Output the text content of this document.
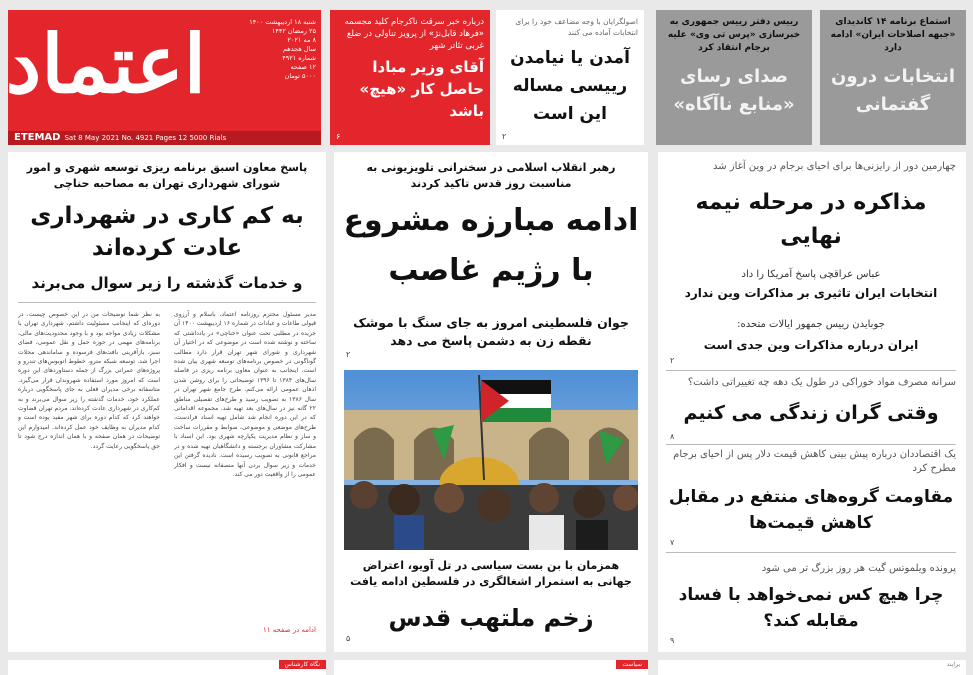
اعتماد	شنبه ۱۸ اردیبهشت ۱۴۰۰
۲۵ رمضان ۱۴۴۲
۸ مه ۲۰۲۱
سال هجدهم
شماره ۴۹۲۱
۱۲ صفحه
۵۰۰۰ تومان
ETEMAD Sat 8 May 2021 No. 4921 Pages 12 5000 Rials
درباره خبر سرقت ناکرجام کلید مجسمه «فرهاد قابل‌نژ» از پرویز تناولی در ضلع غربی تئاتر شهر
آقای وزیر مبادا حاصل کار «هیچ» باشد
۶
اصولگرایان با وجه مضاعف خود را برای انتخابات آماده می کنند
آمدن یا نیامدن رییسی مساله این است
۲
رییس دفتر رییس جمهوری به خبرسازی «پرس تی وی» علیه برجام انتقاد کرد
صدای رسای «منابع ناآگاه»
استماع برنامه ۱۴ کاندیدای «جبهه اصلاحات ایران» ادامه دارد
انتخابات درون گفتمانی
پاسخ معاون اسبق برنامه ریزی توسعه شهری و امور شورای شهرداری تهران به مصاحبه حناچی
به کم کاری در شهرداری عادت کرده‌اند
و خدمات گذشته را زیر سوال می‌برند
مدیر مسئول محترم روزنامه اعتماد، باسلام و آرزوی قبولی طاعات و عبادات در شماره ۱۶ اردیبهشت ۱۴۰۰ آن جریده در مطلبی تحت عنوان «حناچی» در یادداشتی که ساخته و نوشته شده است در موضوعی که در اختیار آن شهرداری و شورای شهر تهران قرار دارد مطالب گوناگونی در خصوص برنامه‌های توسعه شهری بیان شده است. اینجانب به عنوان معاون برنامه ریزی در فاصله سال‌های ۱۳۸۴ تا ۱۳۹۶ توضیحاتی را برای روشن شدن اذهان عمومی ارائه می‌کنم. طرح جامع شهر تهران در سال ۱۳۸۶ به تصویب رسید و طرح‌های تفصیلی مناطق ۲۲ گانه نیز در سال‌های بعد تهیه شد. مجموعه اقداماتی که در این دوره انجام شد شامل تهیه اسناد فرادست، طرح‌های موضعی و موضوعی، ضوابط و مقررات ساخت و ساز و نظام مدیریت یکپارچه شهری بود. این اسناد با مشارکت مشاوران برجسته و دانشگاهیان تهیه شده و در مراجع قانونی به تصویب رسیده است. نادیده گرفتن این خدمات و زیر سوال بردن آنها منصفانه نیست و افکار عمومی را از واقعیت دور می کند.
به نظر شما توضیحات من در این خصوص چیست. در دوره‌ای که اینجانب مسئولیت داشتم، شهرداری تهران با مشکلات زیادی مواجه بود و با وجود محدودیت‌های مالی، برنامه‌های مهمی در حوزه حمل و نقل عمومی، فضای سبز، بازآفرینی بافت‌های فرسوده و ساماندهی محلات اجرا شد. توسعه شبکه مترو، خطوط اتوبوس‌های تندرو و پروژه‌های عمرانی بزرگ از جمله دستاوردهای این دوره است که امروز مورد استفاده شهروندان قرار می‌گیرد. متاسفانه برخی مدیران فعلی به جای پاسخگویی درباره عملکرد خود، خدمات گذشته را زیر سوال می‌برند و به کم‌کاری در شهرداری عادت کرده‌اند. مردم تهران قضاوت خواهند کرد که کدام دوره برای شهر مفید بوده است و کدام مدیران به وظایف خود عمل کرده‌اند. امیدوارم این توضیحات در همان صفحه و با همان اندازه درج شود تا حق پاسخگویی رعایت گردد.
ادامه در صفحه ۱۱
رهبر انقلاب اسلامی در سخنرانی تلویزیونی به مناسبت روز قدس تاکید کردند
ادامه مبارزه مشروع با رژیم غاصب
جوان فلسطینی امروز به جای سنگ با موشک نقطه زن به دشمن پاسخ می دهد
۲
همزمان با بن بست سیاسی در تل آویو، اعتراض جهانی به استمرار اشغالگری در فلسطین ادامه یافت
زخم ملتهب قدس
۵
چهارمین دور از رایزنی‌ها برای احیای برجام در وین آغاز شد
مذاکره در مرحله نیمه نهایی
عباس عراقچی پاسخ آمریکا را داد
انتخابات ایران تاثیری بر مذاکرات وین ندارد
جوبایدن رییس جمهور ایالات متحده:
ایران درباره مذاکرات وین جدی است
۲
سرانه مصرف مواد خوراکی در طول یک دهه چه تغییراتی داشت؟
وقتی گران زندگی می کنیم
۸
یک اقتصاددان درباره پیش بینی کاهش قیمت دلار پس از احیای برجام مطرح کرد
مقاومت گروه‌های منتفع در مقابل کاهش قیمت‌ها
۷
پرونده ویلموتس گیت هر روز بزرگ تر می شود
چرا هیچ کس نمی‌خواهد با فساد مقابله کند؟
۹
نگاه کارشناس	سیاست	برایند
